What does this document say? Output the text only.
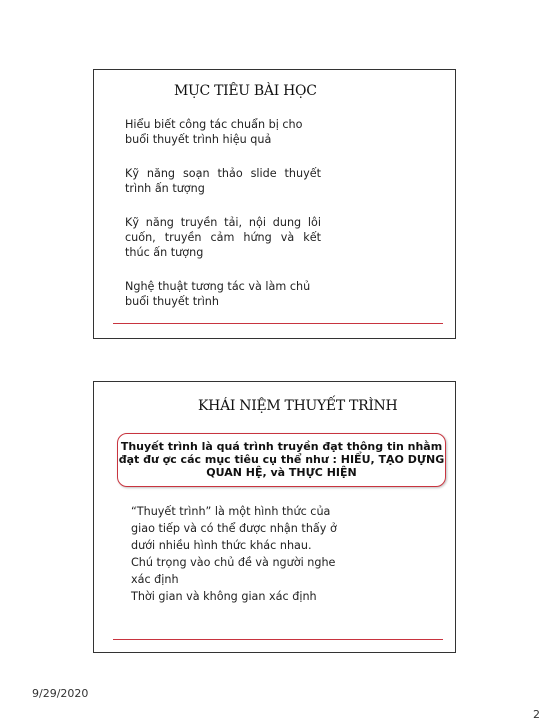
MỤC TIÊU BÀI HỌC
Hiểu biết công tác chuẩn bị cho
buổi thuyết trình hiệu quả
Kỹ năng soạn thảo slide thuyết
trình ấn tượng
Kỹ năng truyền tải, nội dung lôi
cuốn, truyền cảm hứng và kết
thúc ấn tượng
Nghệ thuật tương tác và làm chủ
buổi thuyết trình
KHÁI NIỆM THUYẾT TRÌNH
Thuyết trình là quá trình truyền đạt thông tin nhằm
đạt đư ợc các mục tiêu cụ thể như : HIỂU, TẠO DỰNG
QUAN HỆ, và THỰC HIỆN
“Thuyết trình” là một hình thức của
giao tiếp và có thể được nhận thấy ở
dưới nhiều hình thức khác nhau.
Chú trọng vào chủ đề và người nghe
xác định
Thời gian và không gian xác định
9/29/2020
2
